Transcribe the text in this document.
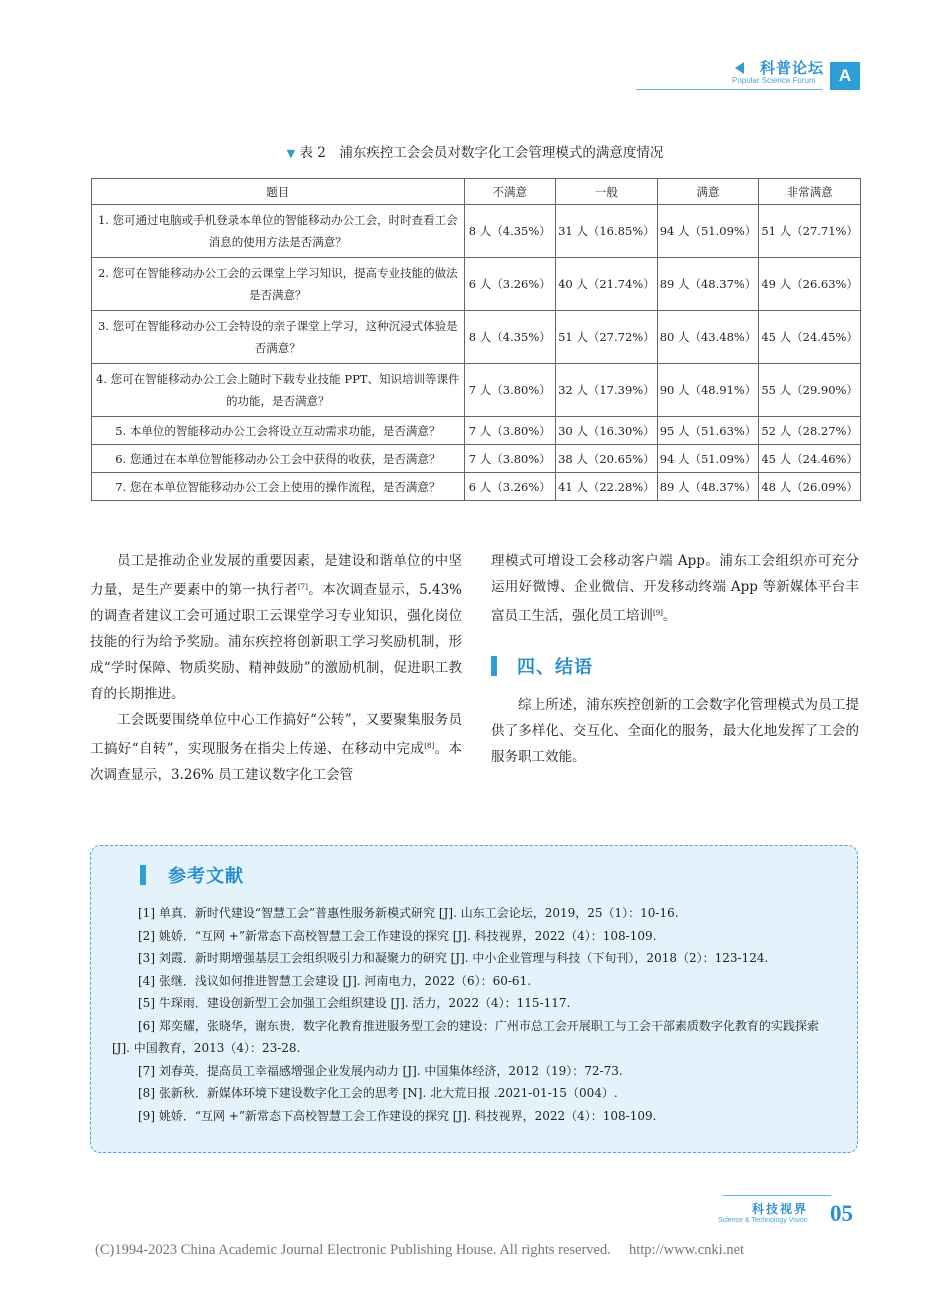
科普论坛
Popular Science Forum	A
▼ 表 2　浦东疾控工会会员对数字化工会管理模式的满意度情况
题目	不满意	一般	满意	非常满意
1. 您可通过电脑或手机登录本单位的智能移动办公工会，时时查看工会消息的使用方法是否满意？	8 人（4.35%）	31 人（16.85%）	94 人（51.09%）	51 人（27.71%）
2. 您可在智能移动办公工会的云课堂上学习知识，提高专业技能的做法是否满意？	6 人（3.26%）	40 人（21.74%）	89 人（48.37%）	49 人（26.63%）
3. 您可在智能移动办公工会特设的亲子课堂上学习，这种沉浸式体验是否满意？	8 人（4.35%）	51 人（27.72%）	80 人（43.48%）	45 人（24.45%）
4. 您可在智能移动办公工会上随时下载专业技能 PPT、知识培训等课件的功能，是否满意？	7 人（3.80%）	32 人（17.39%）	90 人（48.91%）	55 人（29.90%）
5. 本单位的智能移动办公工会将设立互动需求功能，是否满意？	7 人（3.80%）	30 人（16.30%）	95 人（51.63%）	52 人（28.27%）
6. 您通过在本单位智能移动办公工会中获得的收获，是否满意？	7 人（3.80%）	38 人（20.65%）	94 人（51.09%）	45 人（24.46%）
7. 您在本单位智能移动办公工会上使用的操作流程，是否满意？	6 人（3.26%）	41 人（22.28%）	89 人（48.37%）	48 人（26.09%）

员工是推动企业发展的重要因素，是建设和谐单位的中坚力量，是生产要素中的第一执行者[7]。本次调查显示，5.43% 的调查者建议工会可通过职工云课堂学习专业知识，强化岗位技能的行为给予奖励。浦东疾控将创新职工学习奖励机制，形成“学时保障、物质奖励、精神鼓励”的激励机制，促进职工教育的长期推进。

工会既要围绕单位中心工作搞好“公转”，又要聚集服务员工搞好“自转”，实现服务在指尖上传递、在移动中完成[8]。本次调查显示，3.26% 员工建议数字化工会管

理模式可增设工会移动客户端 App。浦东工会组织亦可充分运用好微博、企业微信、开发移动终端 App 等新媒体平台丰富员工生活，强化员工培训[9]。

四、结语

综上所述，浦东疾控创新的工会数字化管理模式为员工提供了多样化、交互化、全面化的服务，最大化地发挥了工会的服务职工效能。

参考文献
[1] 单真．新时代建设“智慧工会”普惠性服务新模式研究 [J]. 山东工会论坛，2019，25（1）：10-16.
[2] 姚娇．“互网 +”新常态下高校智慧工会工作建设的探究 [J]. 科技视界，2022（4）：108-109.
[3] 刘霞．新时期增强基层工会组织吸引力和凝聚力的研究 [J]. 中小企业管理与科技（下旬刊），2018（2）：123-124.
[4] 张继．浅议如何推进智慧工会建设 [J]. 河南电力，2022（6）：60-61.
[5] 牛琛雨．建设创新型工会加强工会组织建设 [J]. 活力，2022（4）：115-117.
[6] 郑奕耀，张晓华，谢东贵．数字化教育推进服务型工会的建设：广州市总工会开展职工与工会干部素质数字化教育的实践探索 [J]. 中国教育，2013（4）：23-28.
[7] 刘春英．提高员工幸福感增强企业发展内动力 [J]. 中国集体经济，2012（19）：72-73.
[8] 张新秋．新媒体环境下建设数字化工会的思考 [N]. 北大荒日报 .2021-01-15（004）.
[9] 姚娇．“互网 +”新常态下高校智慧工会工作建设的探究 [J]. 科技视界，2022（4）：108-109.
科技视界
Science & Technology Vision 05
(C)1994-2023 China Academic Journal Electronic Publishing House. All rights reserved.     http://www.cnki.net
